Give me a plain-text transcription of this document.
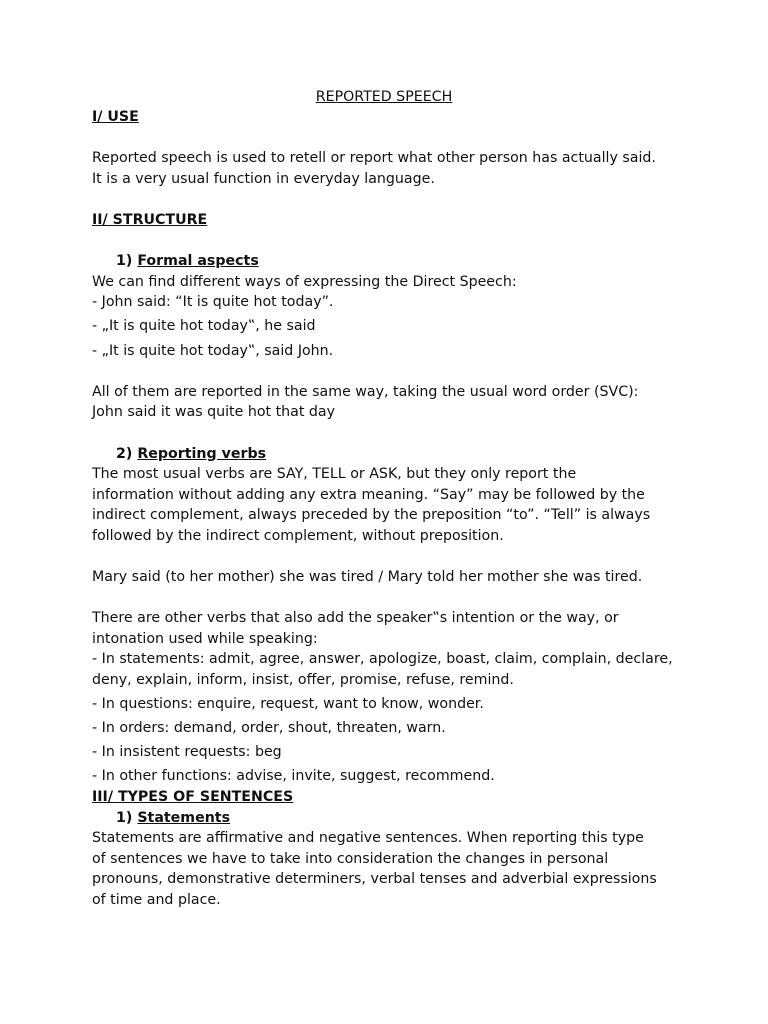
REPORTED SPEECH
I/ USE
Reported speech is used to retell or report what other person has actually said.
It is a very usual function in everyday language.
II/ STRUCTURE
1) Formal aspects
We can find different ways of expressing the Direct Speech:
- John said: “It is quite hot today”.
- „It is quite hot today‟, he said
- „It is quite hot today‟, said John.
All of them are reported in the same way, taking the usual word order (SVC):
John said it was quite hot that day
2) Reporting verbs
The most usual verbs are SAY, TELL or ASK, but they only report the
information without adding any extra meaning. “Say” may be followed by the
indirect complement, always preceded by the preposition “to”. “Tell” is always
followed by the indirect complement, without preposition.
Mary said (to her mother) she was tired / Mary told her mother she was tired.
There are other verbs that also add the speaker‟s intention or the way, or
intonation used while speaking:
- In statements: admit, agree, answer, apologize, boast, claim, complain, declare,
deny, explain, inform, insist, offer, promise, refuse, remind.
- In questions: enquire, request, want to know, wonder.
- In orders: demand, order, shout, threaten, warn.
- In insistent requests: beg
- In other functions: advise, invite, suggest, recommend.
III/ TYPES OF SENTENCES
1) Statements
Statements are affirmative and negative sentences. When reporting this type
of sentences we have to take into consideration the changes in personal
pronouns, demonstrative determiners, verbal tenses and adverbial expressions
of time and place.
